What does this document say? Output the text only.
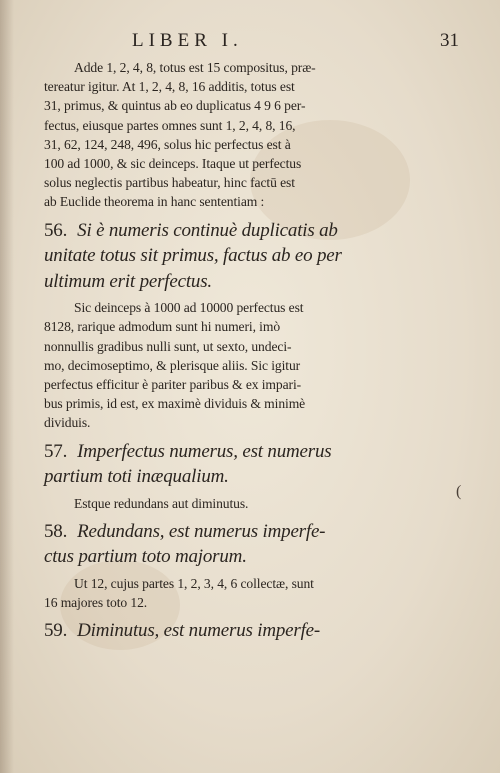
LIBER I.	31
Adde 1, 2, 4, 8, totus est 15 compositus, præ-
tereatur igitur. At 1, 2, 4, 8, 16 additis, totus est
31, primus, & quintus ab eo duplicatus 4 9 6 per-
fectus, eiusque partes omnes sunt 1, 2, 4, 8, 16,
31, 62, 124, 248, 496, solus hic perfectus est à
100 ad 1000, & sic deinceps. Itaque ut perfectus
solus neglectis partibus habeatur, hinc factū est
ab Euclide theorema in hanc sententiam :
56. Si è numeris continuè duplicatis ab
unitate totus sit primus, factus ab eo per
ultimum erit perfectus.
Sic deinceps à 1000 ad 10000 perfectus est
8128, rarique admodum sunt hi numeri, imò
nonnullis gradibus nulli sunt, ut sexto, undeci-
mo, decimoseptimo, & plerisque aliis. Sic igitur
perfectus efficitur è pariter paribus & ex impari-
bus primis, id est, ex maximè dividuis & minimè
dividuis.
57. Imperfectus numerus, est numerus
partium toti inæqualium.
Estque redundans aut diminutus.
58. Redundans, est numerus imperfe-
ctus partium toto majorum.
Ut 12, cujus partes 1, 2, 3, 4, 6 collectæ, sunt
16 majores toto 12.
59. Diminutus, est numerus imperfe-
(
